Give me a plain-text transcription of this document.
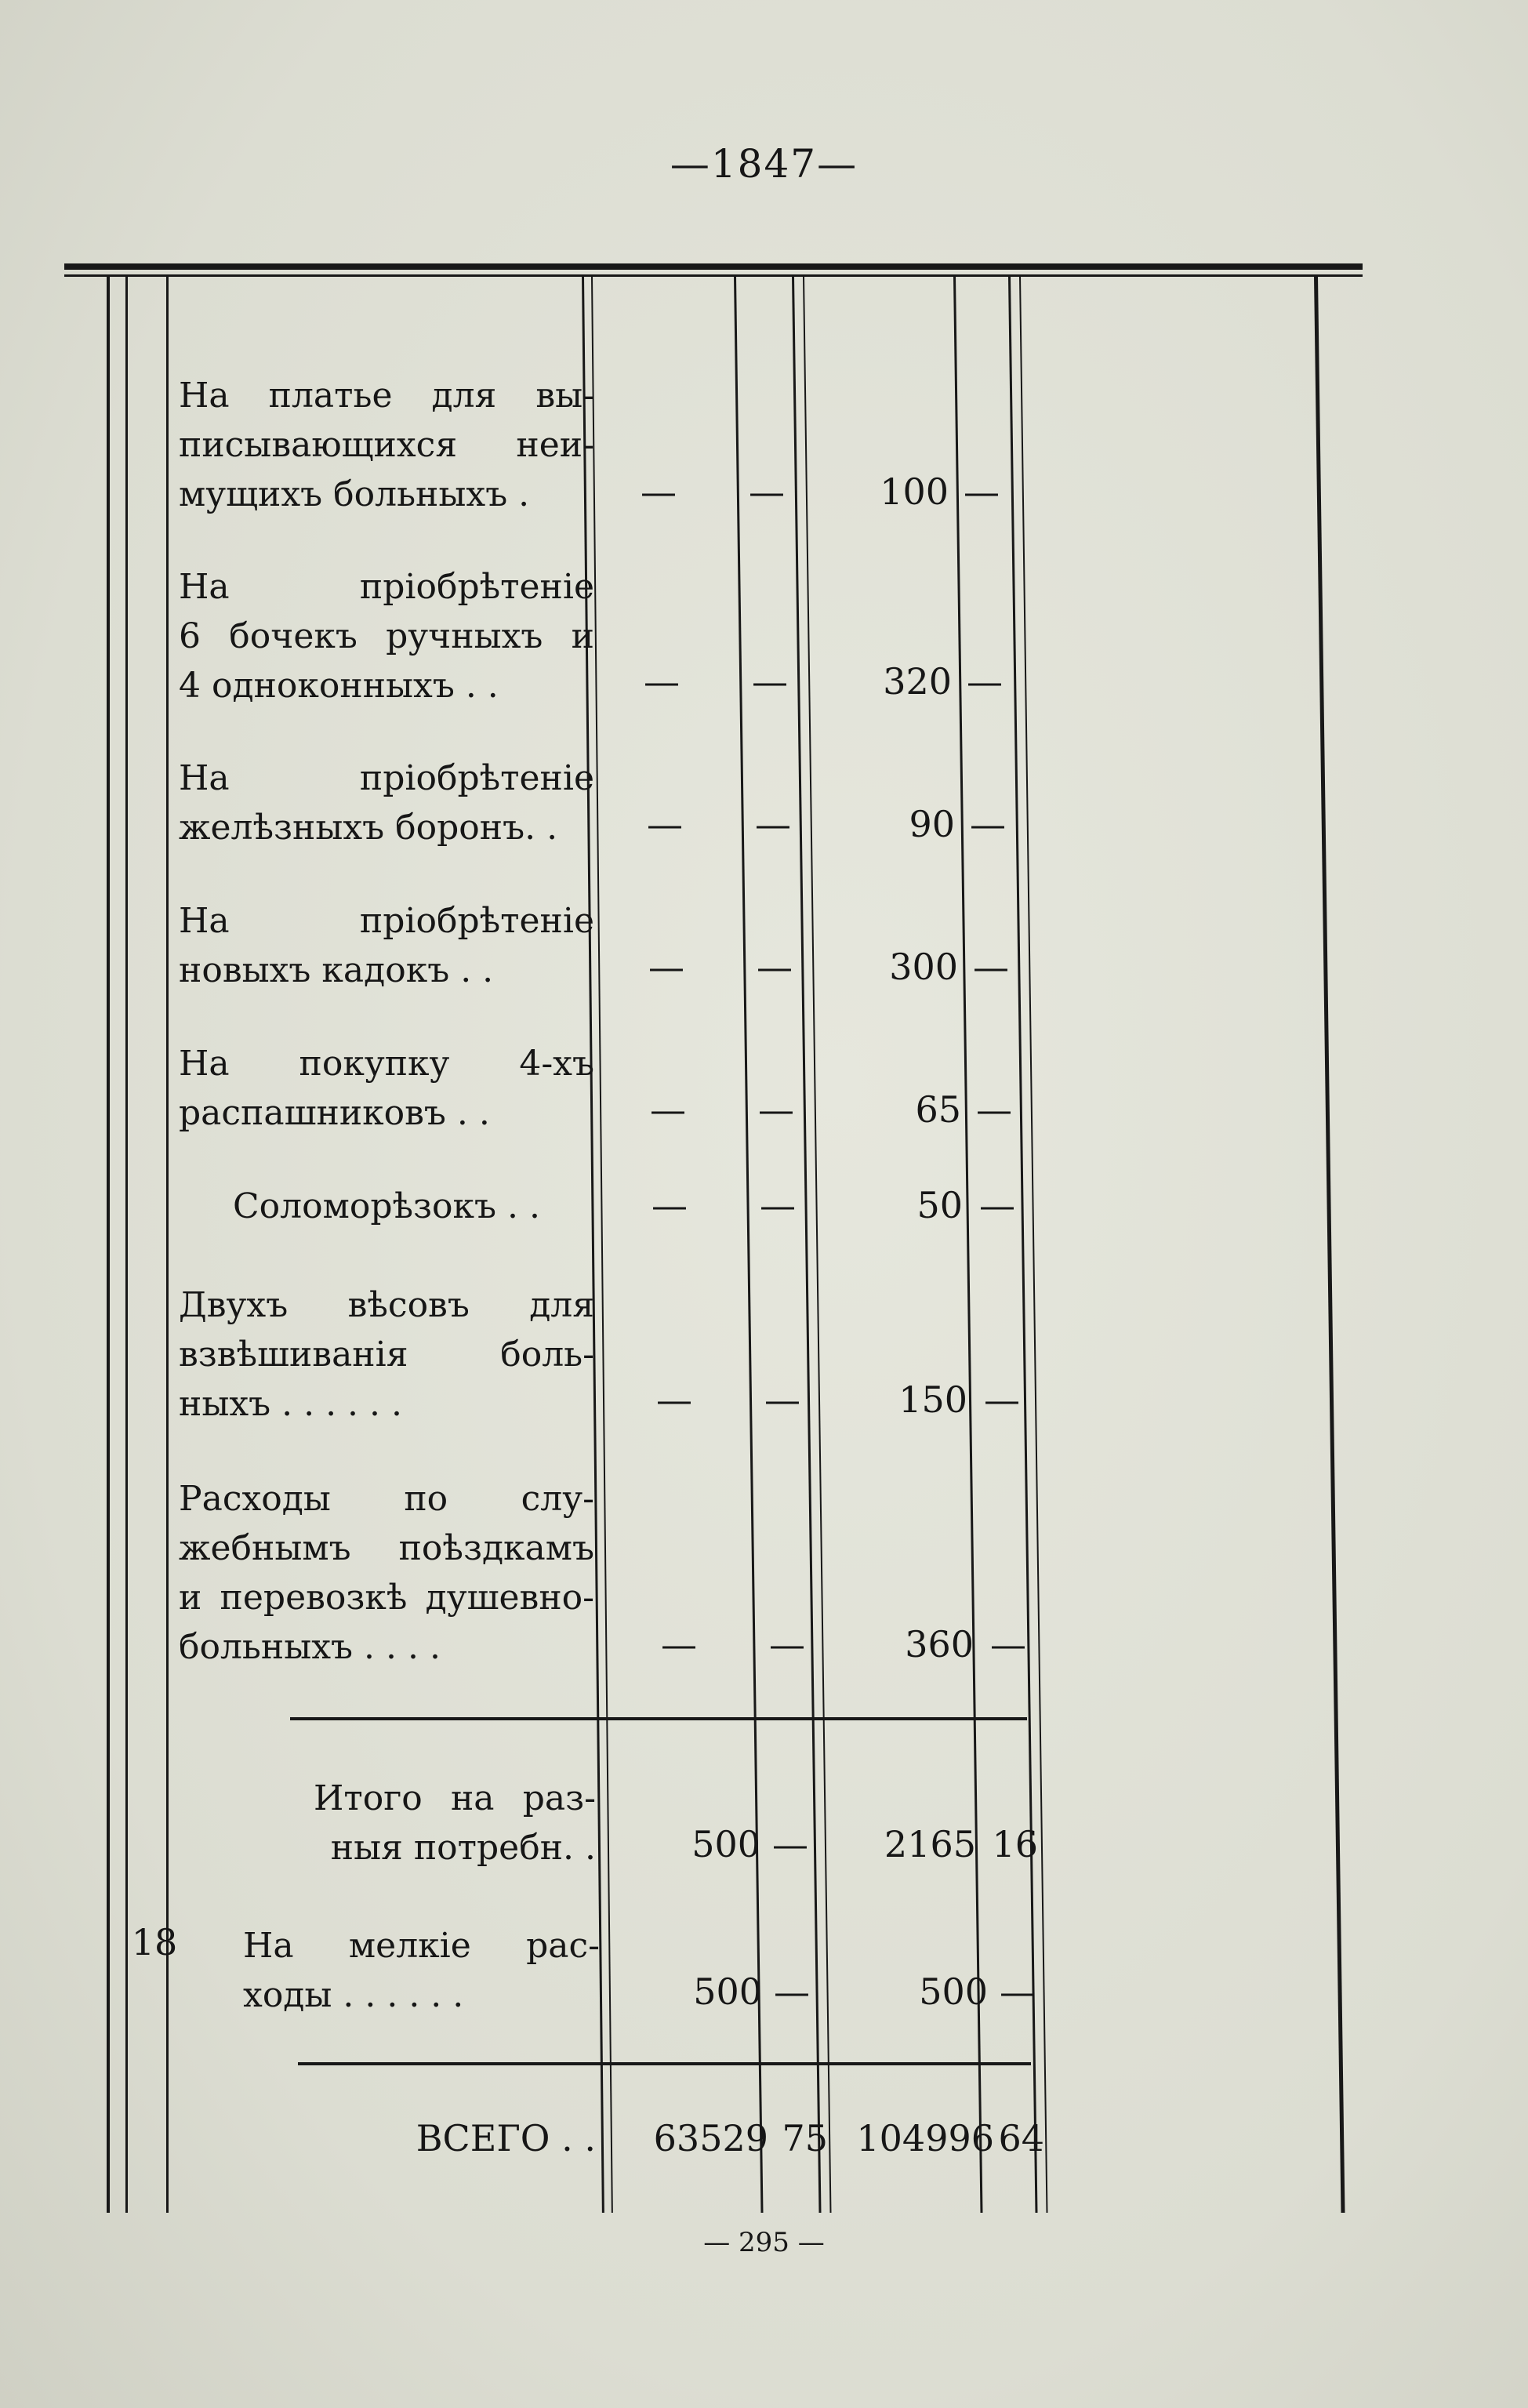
—1847—

На платье для вы-
писывающихся неи-
мущихъ больныхъ .	— —	100 —
На пріобрѣтеніе
6 бочекъ ручныхъ и
4 одноконныхъ . .	— —	320 —
На пріобрѣтеніе
желѣзныхъ боронъ. .	— —	90 —
На пріобрѣтеніе
новыхъ кадокъ . .	— —	300 —
На покупку 4-хъ
распашниковъ . .	— —	65 —
Соломорѣзокъ . .	— —	50 —
Двухъ вѣсовъ для
взвѣшиванія боль-
ныхъ . . . . . .	— —	150 —
Расходы по слу-
жебнымъ поѣздкамъ
и перевозкѣ душевно-
больныхъ . . . .	— —	360 —
Итого на раз-
ныя потребн. .	500 —	2165 16
18 На мелкіе рас-
ходы . . . . . .	500 —	500 —
ВСЕГО . .	63529 75 104996 64
— 295 —
